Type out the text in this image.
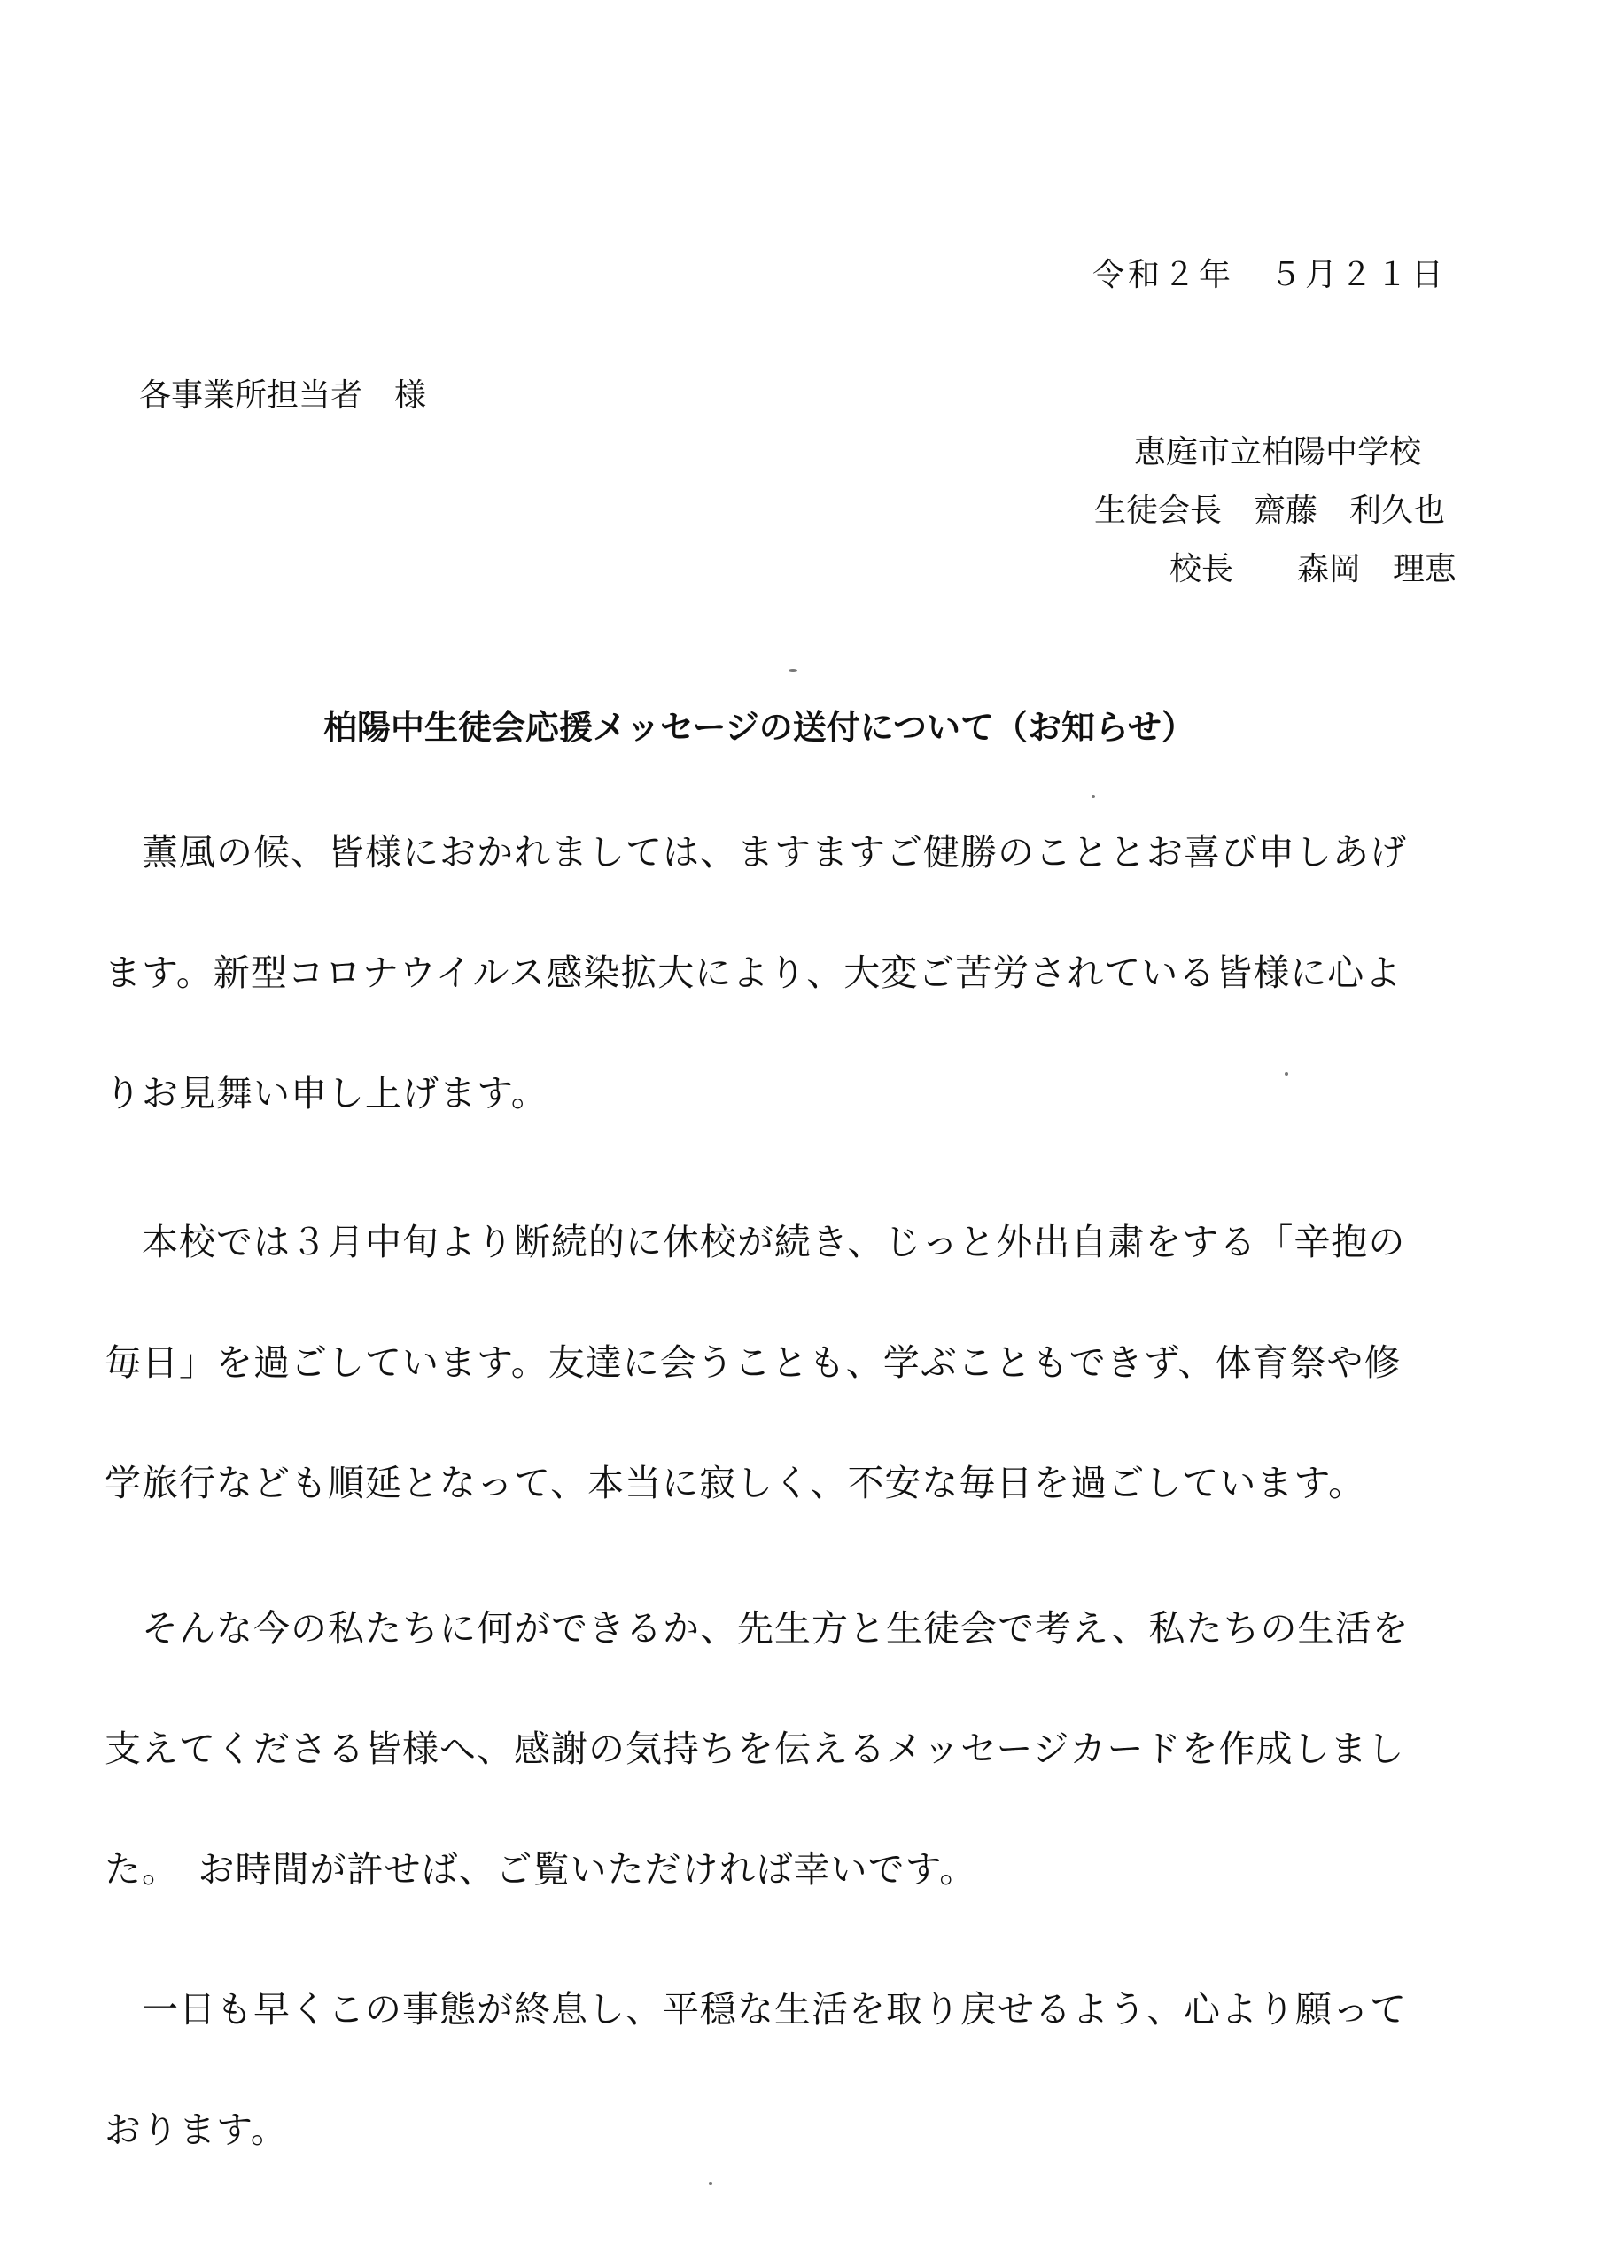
令和２年　５月２１日
各事業所担当者　様
恵庭市立柏陽中学校
生徒会長　齋藤　利久也
校長　　森岡　理恵
柏陽中生徒会応援メッセージの送付について（お知らせ）
　薫風の候、皆様におかれましては、ますますご健勝のこととお喜び申しあげ
ます。新型コロナウイルス感染拡大により、大変ご苦労されている皆様に心よ
りお見舞い申し上げます。
　本校では３月中旬より断続的に休校が続き、じっと外出自粛をする「辛抱の
毎日」を過ごしています。友達に会うことも、学ぶこともできず、体育祭や修
学旅行なども順延となって、本当に寂しく、不安な毎日を過ごしています。
　そんな今の私たちに何ができるか、先生方と生徒会で考え、私たちの生活を
支えてくださる皆様へ、感謝の気持ちを伝えるメッセージカードを作成しまし
た。　お時間が許せば、ご覧いただければ幸いです。
　一日も早くこの事態が終息し、平穏な生活を取り戻せるよう、心より願って
おります。
